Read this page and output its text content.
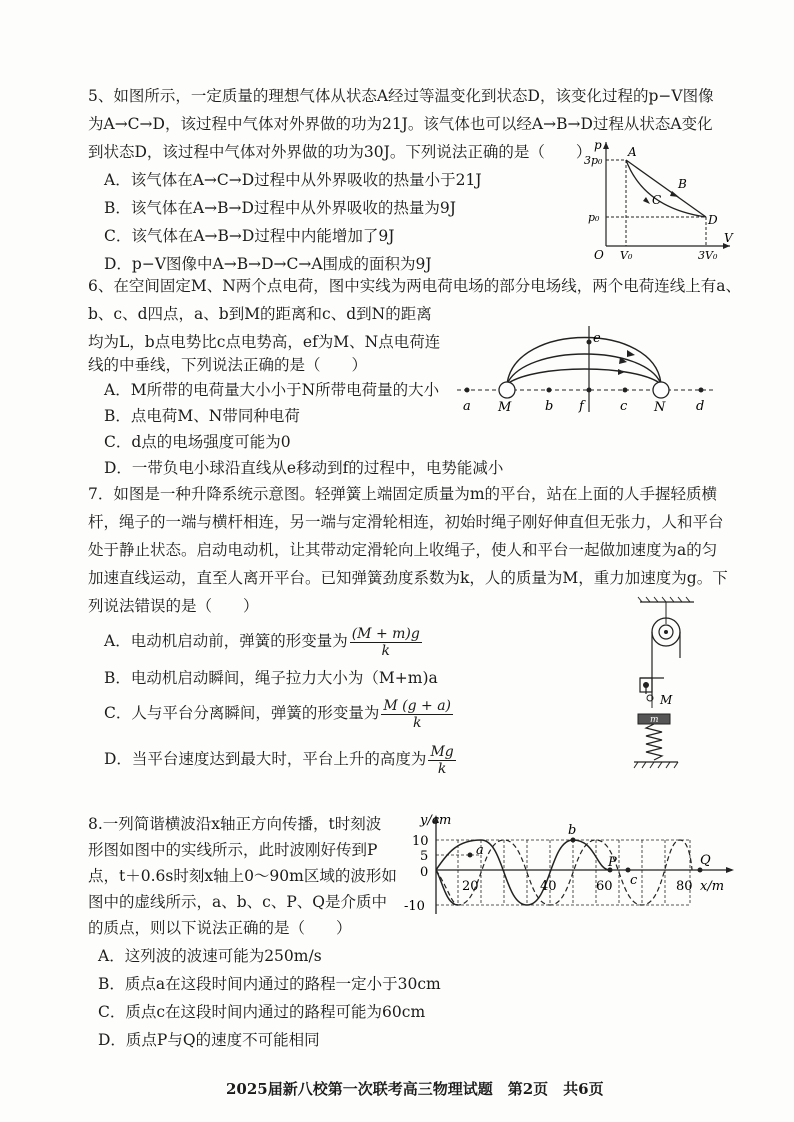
5、如图所示，一定质量的理想气体从状态A经过等温变化到状态D，该变化过程的p−V图像
为A→C→D，该过程中气体对外界做的功为21J。该气体也可以经A→B→D过程从状态A变化
到状态D，该过程中气体对外界做的功为30J。下列说法正确的是（　　）
A．该气体在A→C→D过程中从外界吸收的热量小于21J
B．该气体在A→B→D过程中从外界吸收的热量为9J
C．该气体在A→B→D过程中内能增加了9J
D．p−V图像中A→B→D→C→A围成的面积为9J
p
V
O
A
B
C
D
3p₀
p₀
V₀	3V₀
6、在空间固定M、N两个点电荷，图中实线为两电荷电场的部分电场线，两个电荷连线上有a、
b、c、d四点，a、b到M的距离和c、d到N的距离
均为L，b点电势比c点电势高，ef为M、N点电荷连
线的中垂线，下列说法正确的是（　　）
A．M所带的电荷量大小小于N所带电荷量的大小
B．点电荷M、N带同种电荷
C．d点的电场强度可能为0
D．一带负电小球沿直线从e移动到f的过程中，电势能减小
e
a M	b f	c N d
7．如图是一种升降系统示意图。轻弹簧上端固定质量为m的平台，站在上面的人手握轻质横
杆，绳子的一端与横杆相连，另一端与定滑轮相连，初始时绳子刚好伸直但无张力，人和平台
处于静止状态。启动电动机，让其带动定滑轮向上收绳子，使人和平台一起做加速度为a的匀
加速直线运动，直至人离开平台。已知弹簧劲度系数为k，人的质量为M，重力加速度为g。下
列说法错误的是（　　）
A．电动机启动前，弹簧的形变量为 $\frac{(M + m)g}{k}$
B．电动机启动瞬间，绳子拉力大小为（M+m)a
C．人与平台分离瞬间，弹簧的形变量为 $\frac{M (g + a)}{k}$
D．当平台速度达到最大时，平台上升的高度为 $\frac{Mg}{k}$
M
m
8.一列简谐横波沿x轴正方向传播，t时刻波
形图如图中的实线所示，此时波刚好传到P
点，t＋0.6s时刻x轴上0～90m区域的波形如
图中的虚线所示，a、b、c、P、Q是介质中
的质点，则以下说法正确的是（　　）
A．这列波的波速可能为250m/s
B．质点a在这段时间内通过的路程一定小于30cm
C．质点c在这段时间内通过的路程可能为60cm
D．质点P与Q的速度不可能相同
y/cm
x/m
10
5
0
-10
20	40	60	80
a
b
c
P	Q
2025届新八校第一次联考高三物理试题　第2页　共6页
